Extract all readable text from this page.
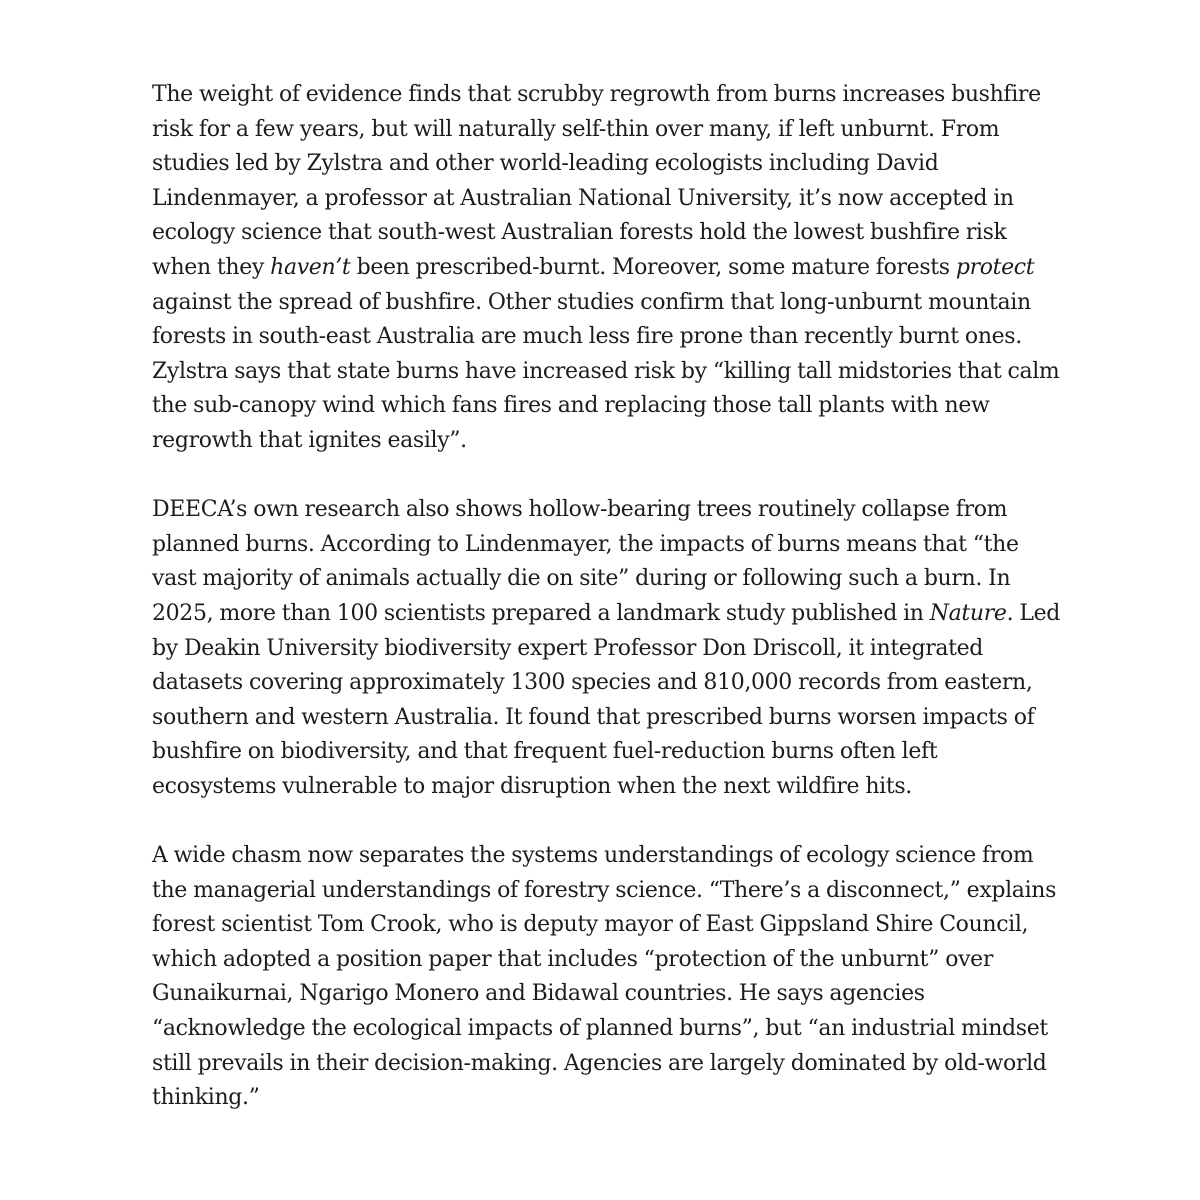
The weight of evidence finds that scrubby regrowth from burns increases bushfire risk for a few years, but will naturally self-thin over many, if left unburnt. From studies led by Zylstra and other world-leading ecologists including David Lindenmayer, a professor at Australian National University, it’s now accepted in ecology science that south-west Australian forests hold the lowest bushfire risk when they haven’t been prescribed-burnt. Moreover, some mature forests protect against the spread of bushfire. Other studies confirm that long-unburnt mountain forests in south-east Australia are much less fire prone than recently burnt ones. Zylstra says that state burns have increased risk by “killing tall midstories that calm the sub-canopy wind which fans fires and replacing those tall plants with new regrowth that ignites easily”.

DEECA’s own research also shows hollow-bearing trees routinely collapse from planned burns. According to Lindenmayer, the impacts of burns means that “the vast majority of animals actually die on site” during or following such a burn. In 2025, more than 100 scientists prepared a landmark study published in Nature. Led by Deakin University biodiversity expert Professor Don Driscoll, it integrated datasets covering approximately 1300 species and 810,000 records from eastern, southern and western Australia. It found that prescribed burns worsen impacts of bushfire on biodiversity, and that frequent fuel-reduction burns often left ecosystems vulnerable to major disruption when the next wildfire hits.

A wide chasm now separates the systems understandings of ecology science from the managerial understandings of forestry science. “There’s a disconnect,” explains forest scientist Tom Crook, who is deputy mayor of East Gippsland Shire Council, which adopted a position paper that includes “protection of the unburnt” over Gunaikurnai, Ngarigo Monero and Bidawal countries. He says agencies “acknowledge the ecological impacts of planned burns”, but “an industrial mindset still prevails in their decision-making. Agencies are largely dominated by old-world thinking.”
